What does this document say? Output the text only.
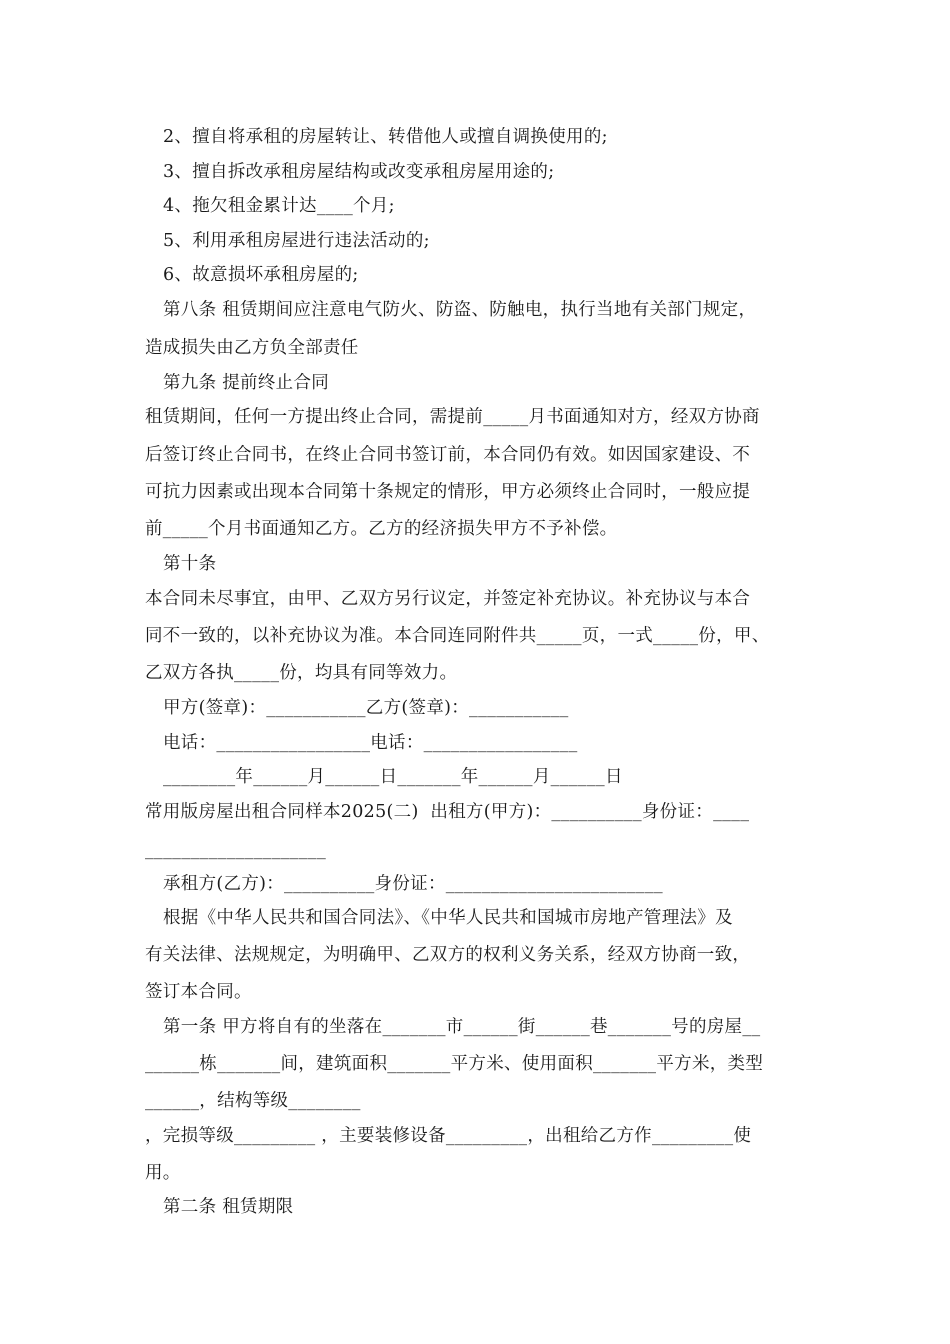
2、擅自将承租的房屋转让、转借他人或擅自调换使用的;
3、擅自拆改承租房屋结构或改变承租房屋用途的;
4、拖欠租金累计达____个月;
5、利用承租房屋进行违法活动的;
6、故意损坏承租房屋的;
第八条 租赁期间应注意电气防火、防盗、防触电，执行当地有关部门规定，
造成损失由乙方负全部责任
第九条 提前终止合同
租赁期间，任何一方提出终止合同，需提前_____月书面通知对方，经双方协商
后签订终止合同书，在终止合同书签订前，本合同仍有效。如因国家建设、不
可抗力因素或出现本合同第十条规定的情形，甲方必须终止合同时，一般应提
前_____个月书面通知乙方。乙方的经济损失甲方不予补偿。
第十条
本合同未尽事宜，由甲、乙双方另行议定，并签定补充协议。补充协议与本合
同不一致的，以补充协议为准。本合同连同附件共_____页，一式_____份，甲、
乙双方各执_____份，均具有同等效力。
甲方(签章)：___________乙方(签章)：___________
电话：_________________电话：_________________
________年______月______日_______年______月______日
常用版房屋出租合同样本2025(二)  出租方(甲方)：__________身份证：____
____________________
承租方(乙方)：__________身份证：________________________
根据《中华人民共和国合同法》、《中华人民共和国城市房地产管理法》及
有关法律、法规规定，为明确甲、乙双方的权利义务关系，经双方协商一致，
签订本合同。
第一条 甲方将自有的坐落在_______市______街______巷_______号的房屋__
______栋_______间，建筑面积_______平方米、使用面积_______平方米，类型
______，结构等级________
，完损等级_________ ，主要装修设备_________，出租给乙方作_________使
用。
第二条 租赁期限
